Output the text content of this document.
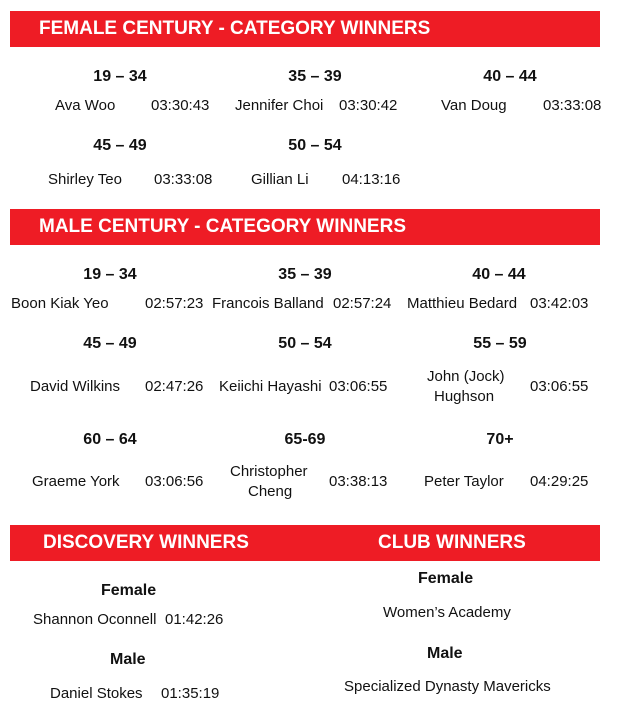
FEMALE CENTURY - CATEGORY WINNERS
19 – 34
Ava Woo 03:30:43
35 – 39
Jennifer Choi 03:30:42
40 – 44
Van Doug 03:33:08
45 – 49
Shirley Teo 03:33:08
50 – 54
Gillian Li 04:13:16
MALE CENTURY - CATEGORY WINNERS
19 – 34
Boon Kiak Yeo 02:57:23
35 – 39
Francois Balland 02:57:24
40 – 44
Matthieu Bedard 03:42:03
45 – 49
David Wilkins 02:47:26
50 – 54
Keiichi Hayashi 03:06:55
55 – 59
John (Jock)
Hughson
03:06:55
60 – 64
Graeme York 03:06:56
65-69
Christopher
Cheng
03:38:13
70+
Peter Taylor 04:29:25
DISCOVERY WINNERS	CLUB WINNERS
Female
Shannon Oconnell 01:42:26
Male
Daniel Stokes 01:35:19
Female
Women’s Academy
Male
Specialized Dynasty Mavericks
